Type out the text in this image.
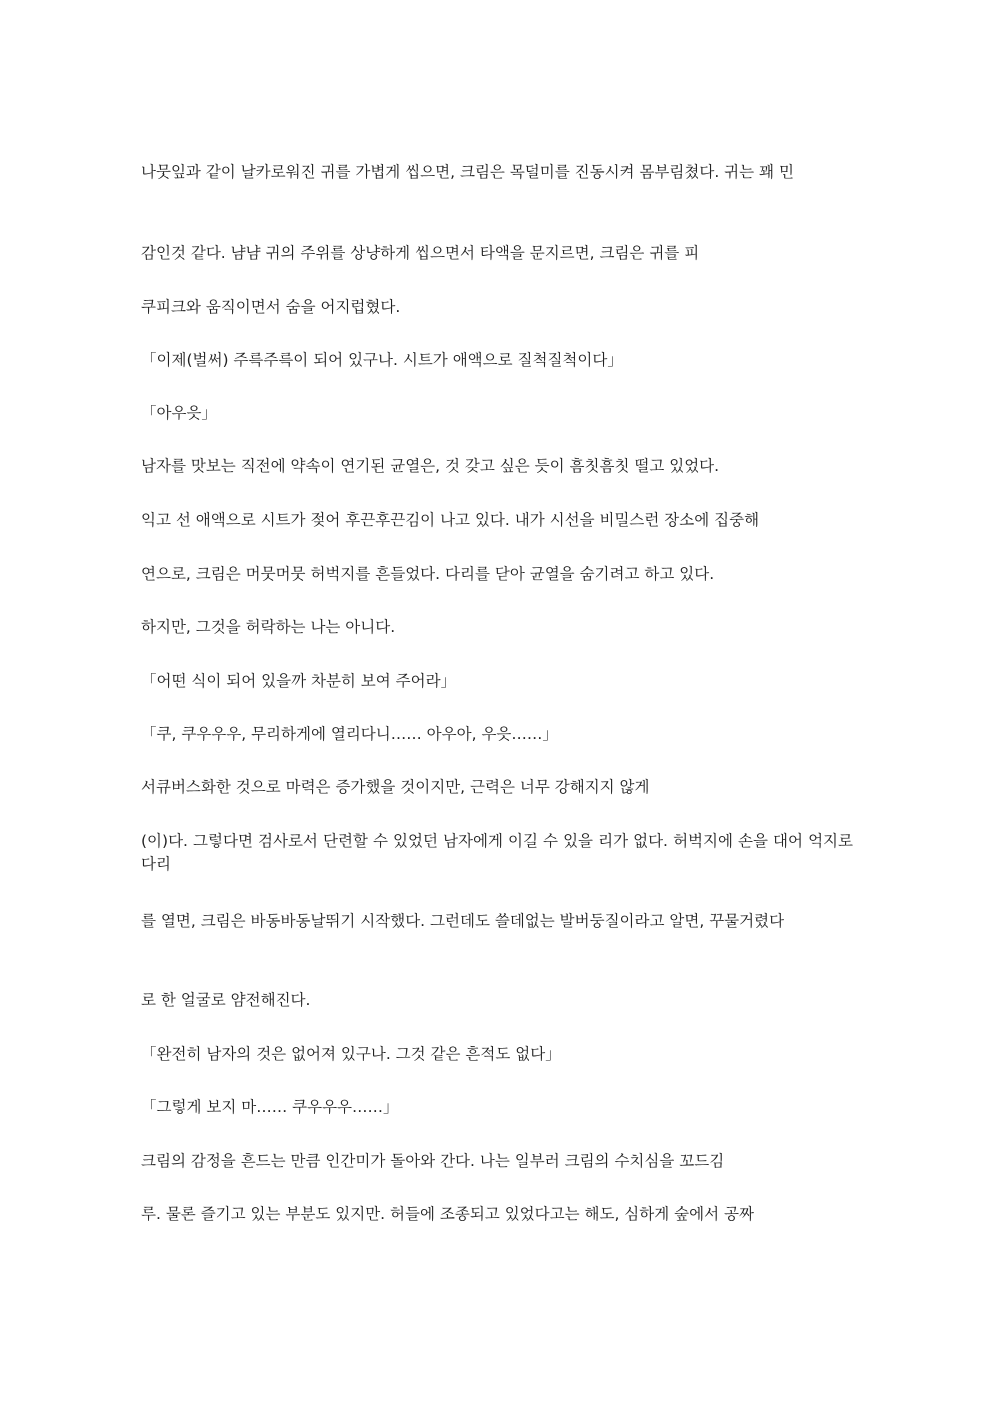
나뭇잎과 같이 날카로워진 귀를 가볍게 씹으면, 크림은 목덜미를 진동시켜 몸부림쳤다. 귀는 꽤 민

감인것 같다. 냠냠 귀의 주위를 상냥하게 씹으면서 타액을 문지르면, 크림은 귀를 피

쿠피크와 움직이면서 숨을 어지럽혔다.

「이제(벌써) 주륵주륵이 되어 있구나. 시트가 애액으로 질척질척이다」

「아우읏」

남자를 맛보는 직전에 약속이 연기된 균열은, 것 갖고 싶은 듯이 흠칫흠칫 떨고 있었다.

익고 선 애액으로 시트가 젖어 후끈후끈김이 나고 있다. 내가 시선을 비밀스런 장소에 집중해

연으로, 크림은 머뭇머뭇 허벅지를 흔들었다. 다리를 닫아 균열을 숨기려고 하고 있다.

하지만, 그것을 허락하는 나는 아니다.

「어떤 식이 되어 있을까 차분히 보여 주어라」

「쿠, 쿠우우우, 무리하게에 열리다니…… 아우아, 우읏……」

서큐버스화한 것으로 마력은 증가했을 것이지만, 근력은 너무 강해지지 않게

(이)다. 그렇다면 검사로서 단련할 수 있었던 남자에게 이길 수 있을 리가 없다. 허벅지에 손을 대어 억지로 다리

를 열면, 크림은 바동바동날뛰기 시작했다. 그런데도 쓸데없는 발버둥질이라고 알면, 꾸물거렸다

로 한 얼굴로 얌전해진다.

「완전히 남자의 것은 없어져 있구나. 그것 같은 흔적도 없다」

「그렇게 보지 마…… 쿠우우우……」

크림의 감정을 흔드는 만큼 인간미가 돌아와 간다. 나는 일부러 크림의 수치심을 꼬드김

루. 물론 즐기고 있는 부분도 있지만. 허들에 조종되고 있었다고는 해도, 심하게 숲에서 공짜
